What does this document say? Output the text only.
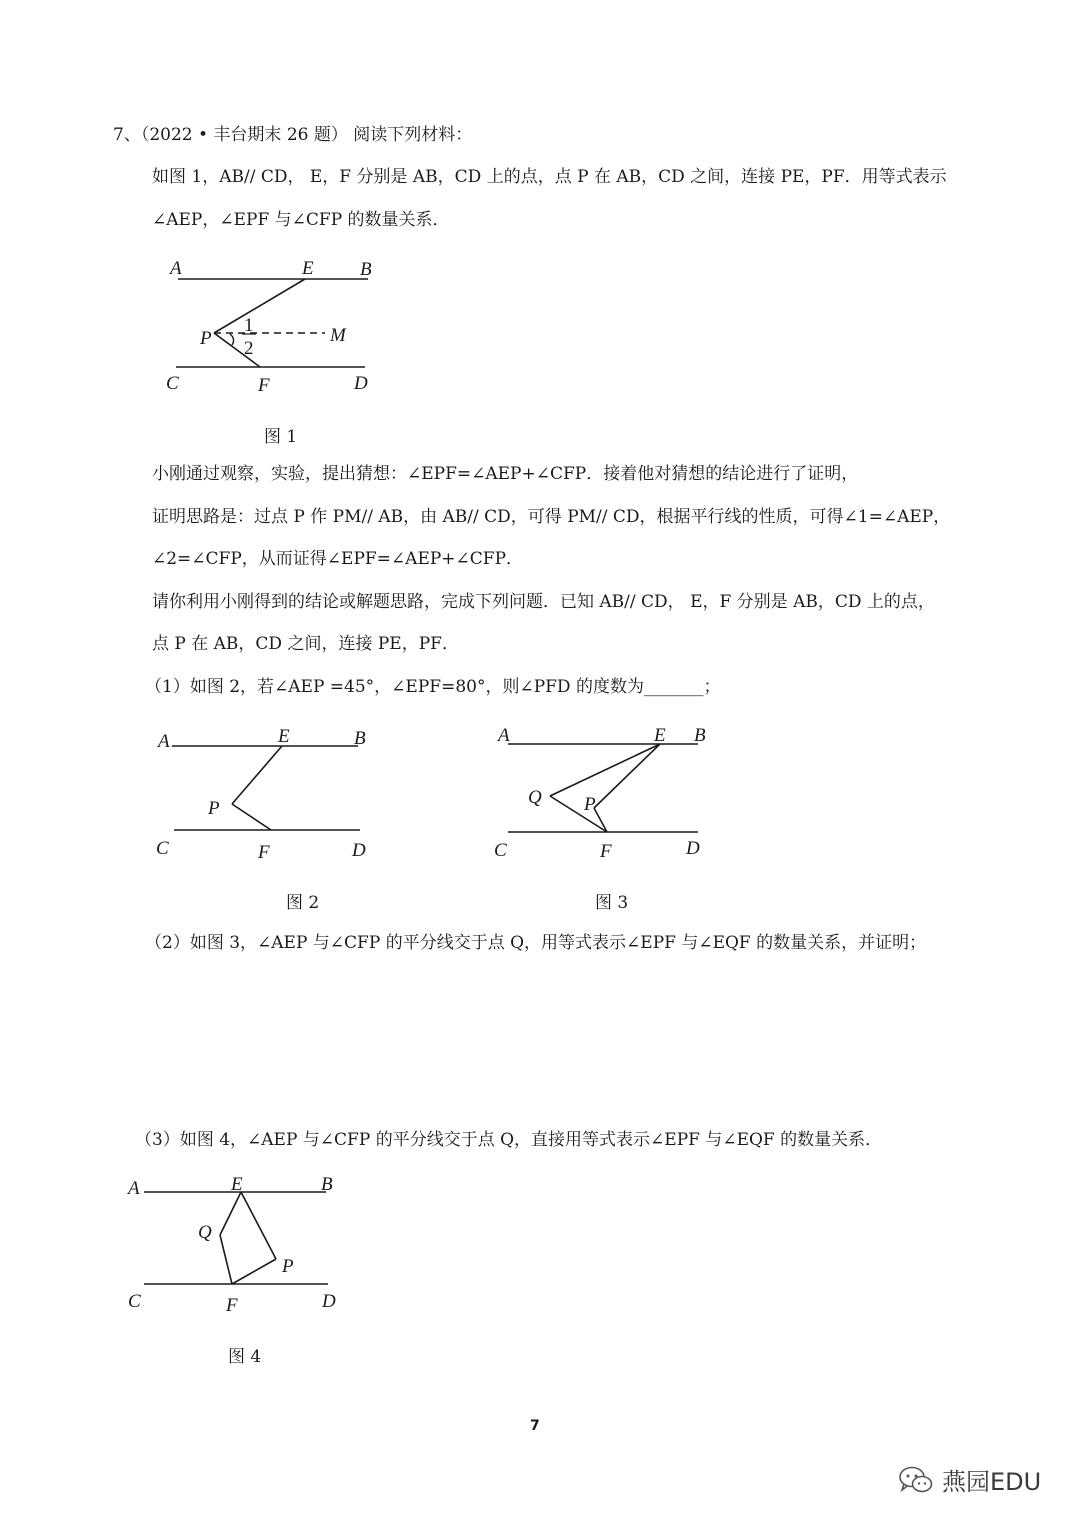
7、（2022 • 丰台期末 26 题） 阅读下列材料：
如图 1，AB// CD， E，F 分别是 AB，CD 上的点，点 P 在 AB，CD 之间，连接 PE，PF．用等式表示
∠AEP，∠EPF 与∠CFP 的数量关系．
A	E B
P
1
2
M
C	F	D
图 1
小刚通过观察，实验，提出猜想：∠EPF=∠AEP+∠CFP．接着他对猜想的结论进行了证明，
证明思路是：过点 P 作 PM// AB，由 AB// CD，可得 PM// CD，根据平行线的性质，可得∠1=∠AEP，
∠2=∠CFP，从而证得∠EPF=∠AEP+∠CFP．
请你利用小刚得到的结论或解题思路，完成下列问题．已知 AB// CD， E，F 分别是 AB，CD 上的点，
点 P 在 AB，CD 之间，连接 PE，PF．
（1）如图 2，若∠AEP =45°，∠EPF=80°，则∠PFD 的度数为_______；
A	E	B
P
C	F	D
图 2
A	E B
Q P
C	F	D
图 3
（2）如图 3，∠AEP 与∠CFP 的平分线交于点 Q，用等式表示∠EPF 与∠EQF 的数量关系，并证明；
（3）如图 4，∠AEP 与∠CFP 的平分线交于点 Q，直接用等式表示∠EPF 与∠EQF 的数量关系．
A	E	B
Q
P
C	F	D
图 4
7
燕园EDU
